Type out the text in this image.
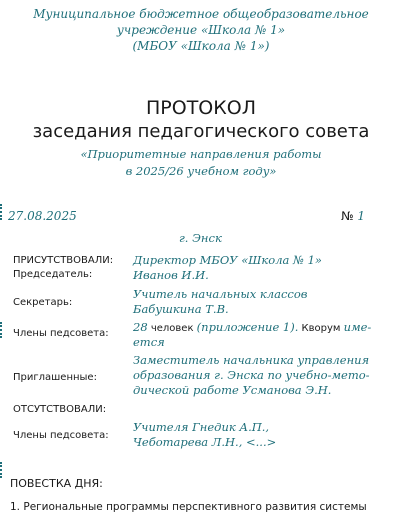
Муниципальное бюджетное общеобразовательное
учреждение «Школа № 1»
(МБОУ «Школа № 1»)
ПРОТОКОЛ
заседания педагогического совета
«Приоритетные направления работы
в 2025/26 учебном году»
27.08.2025	№ 1
г. Энск
ПРИСУТСТВОВАЛИ: Директор МБОУ «Школа № 1»
Председатель:	Иванов И.И.
Секретарь:
Учитель начальных классов
Бабушкина Т.В.
Члены педсовета: 28 человек (приложение 1). Кворум име-
ется
Приглашенные:
Заместитель начальника управления
образования г. Энска по учебно-мето-
дической работе Усманова Э.Н.
ОТСУТСТВОВАЛИ:
Члены педсовета:
Учителя Гнедик А.П.,
Чеботарева Л.Н., <...>
ПОВЕСТКА ДНЯ:
1. Региональные программы перспективного развития системы
